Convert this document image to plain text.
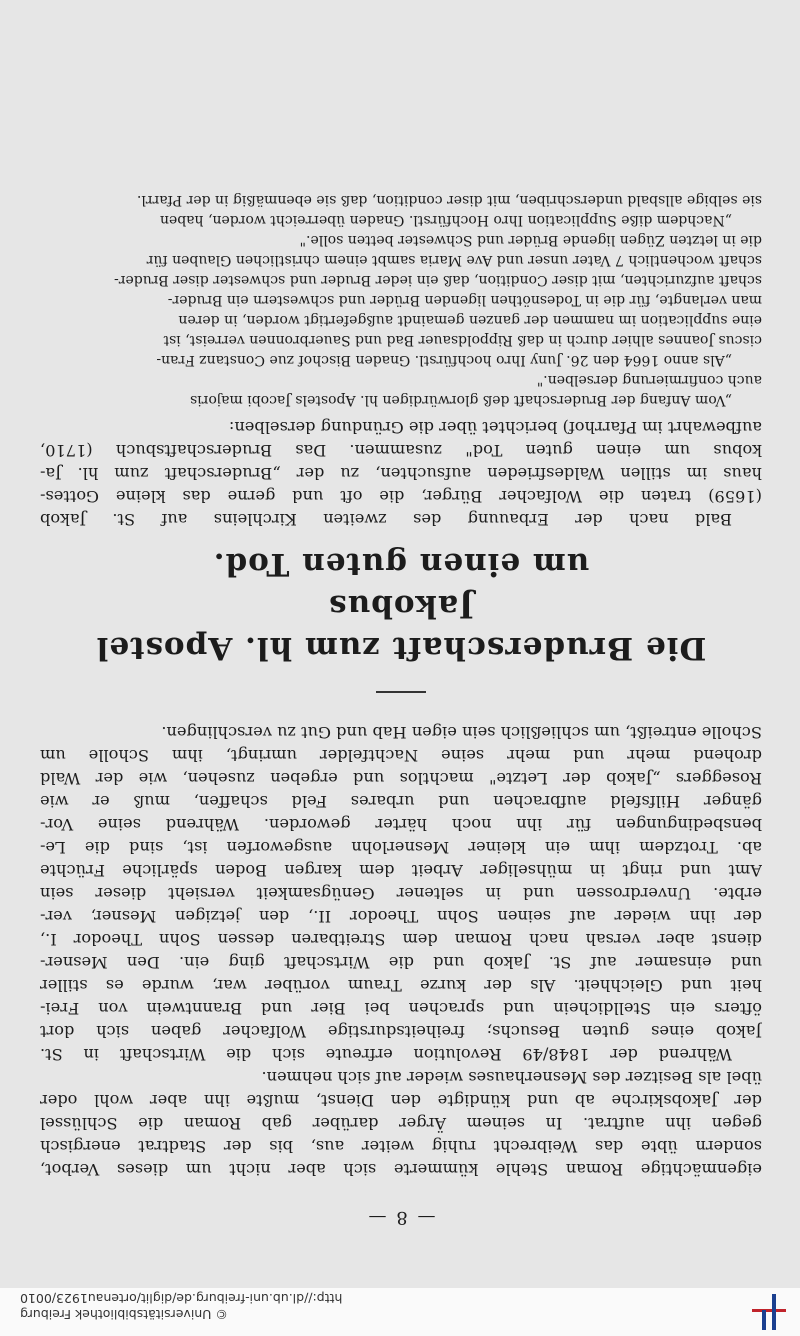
— 8 —
eigenmächtige Roman Stehle kümmerte sich aber nicht um dieses Verbot,
sondern übte das Weibrecht ruhig weiter aus, bis der Stadtrat energisch
gegen ihn auftrat. In seinem Ärger darüber gab Roman die Schlüssel
der Jakobskirche ab und kündigte den Dienst, mußte ihn aber wohl oder
übel als Besitzer des Mesnerhauses wieder auf sich nehmen.
Während der 1848/49 Revolution erfreute sich die Wirtschaft in St.
Jakob eines guten Besuchs; freiheitsdurstige Wolfacher gaben sich dort
öfters ein Stelldichein und sprachen bei Bier und Branntwein von Frei-
heit und Gleichheit. Als der kurze Traum vorüber war, wurde es stiller
und einsamer auf St. Jakob und die Wirtschaft ging ein. Den Mesner-
dienst aber versah nach Roman dem Streitbaren dessen Sohn Theodor I.,
der ihn wieder auf seinen Sohn Theodor II., den jetzigen Mesner, ver-
erbte. Unverdrossen und in seltener Genügsamkeit versieht dieser sein
Amt und ringt in mühseliger Arbeit dem kargen Boden spärliche Früchte
ab. Trotzdem ihm ein kleiner Mesnerlohn ausgeworfen ist, sind die Le-
bensbedingungen für ihn noch härter geworden. Während seine Vor-
gänger Hilfsfeld aufbrachen und urbares Feld schaffen, muß er wie
Roseggers „Jakob der Letzte" machtlos und ergeben zusehen, wie der Wald
drohend mehr und mehr seine Nachtfelder umringt, ihm Scholle um
Scholle entreißt, um schließlich sein eigen Hab und Gut zu verschlingen.
Die Bruderschaft zum hl. Apostel Jakobus
um einen guten Tod.
Bald nach der Erbauung des zweiten Kirchleins auf St. Jakob
(1659) traten die Wolfacher Bürger, die oft und gerne das kleine Gottes-
haus im stillen Waldesfrieden aufsuchten, zu der „Bruderschaft zum hl. Ja-
kobus um einen guten Tod" zusammen. Das Bruderschaftsbuch (1710,
aufbewahrt im Pfarrhof) berichtet über die Gründung derselben:
„Vom Anfang der Bruderschaft deß glorwürdigen hl. Apostels Jacobi majoris
auch confirmierung derselben."
„Als anno 1664 den 26. Juny Ihro hochfürstl. Gnaden Bischof zue Constanz Fran-
ciscus Joannes alhier durch in daß Rippoldsauer Bad und Sauerbronnen verreist, ist
eine supplication im nammen der ganzen gemaindt außgefertigt worden, in deren
man verlangte, für die in Todesnöthen ligenden Brüder und schwestern ein Bruder-
schaft aufzurichten, mit diser Condition, daß ein ieder Bruder und schwester diser Bruder-
schaft wochentlich 7 Vater unser und Ave Maria sambt einem christlichen Glauben für
die in letzten Zügen ligende Brüder und Schwester betten solle."
„Nachdem diße Supplication Ihro Hochfürstl. Gnaden überreicht worden, haben
sie selbige allsbald underschriben, mit diser condition, daß sie ebenmäßig in der Pfarrl.
© Universitätsbibliothek Freiburg
http://dl.ub.uni-freiburg.de/diglit/ortenau1923/0010
